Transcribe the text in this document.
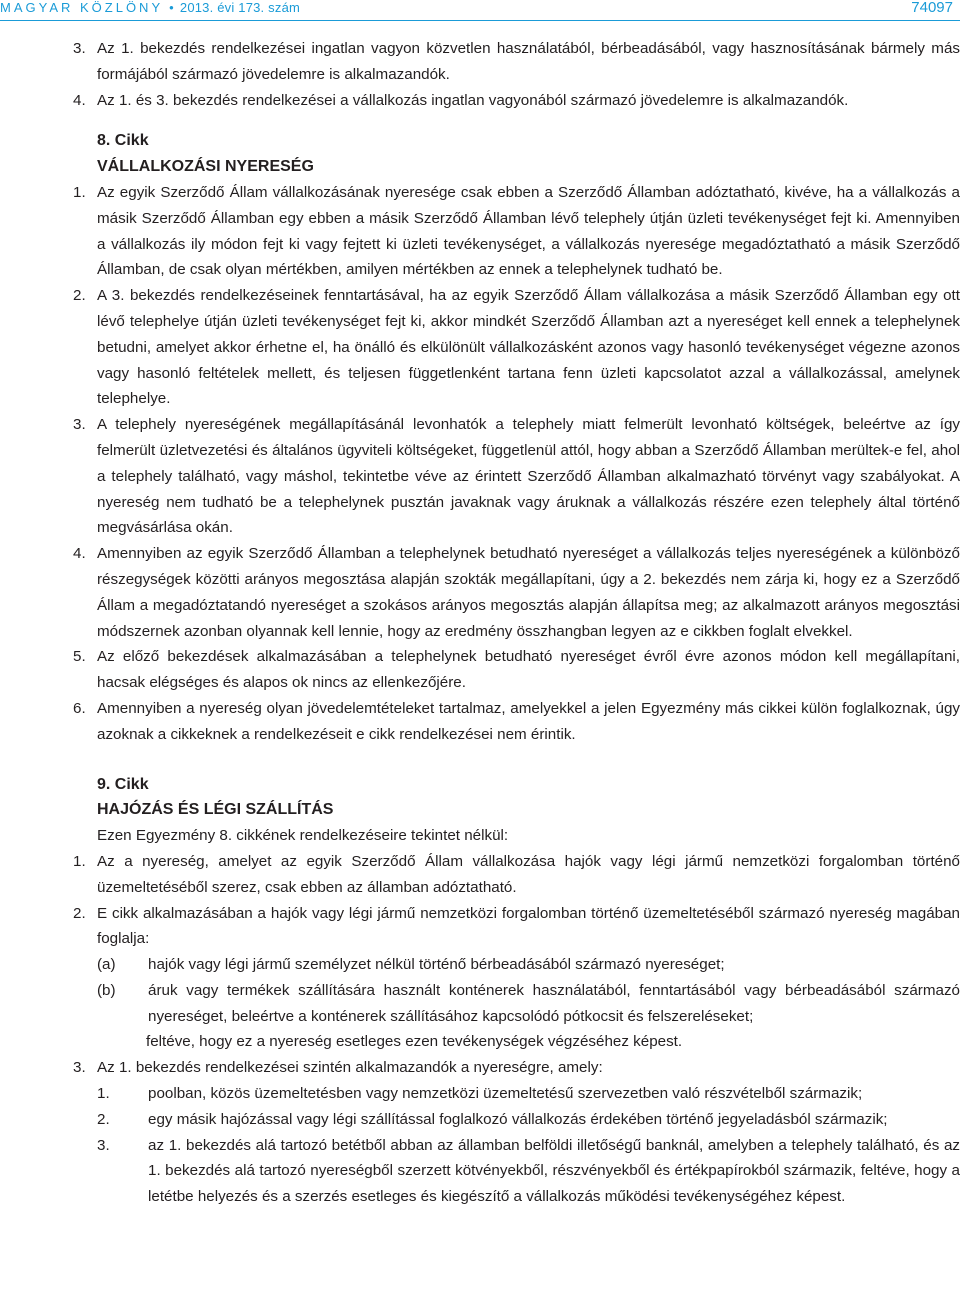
MAGYAR KÖZLÖNY • 2013. évi 173. szám	74097
3. Az 1. bekezdés rendelkezései ingatlan vagyon közvetlen használatából, bérbeadásából, vagy hasznosításának bármely más formájából származó jövedelemre is alkalmazandók.
4. Az 1. és 3. bekezdés rendelkezései a vállalkozás ingatlan vagyonából származó jövedelemre is alkalmazandók.
8. Cikk
VÁLLALKOZÁSI NYERESÉG
1. Az egyik Szerződő Állam vállalkozásának nyeresége csak ebben a Szerződő Államban adóztatható, kivéve, ha a vállalkozás a másik Szerződő Államban egy ebben a másik Szerződő Államban lévő telephely útján üzleti tevékenységet fejt ki. Amennyiben a vállalkozás ily módon fejt ki vagy fejtett ki üzleti tevékenységet, a vállalkozás nyeresége megadóztatható a másik Szerződő Államban, de csak olyan mértékben, amilyen mértékben az ennek a telephelynek tudható be.
2. A 3. bekezdés rendelkezéseinek fenntartásával, ha az egyik Szerződő Állam vállalkozása a másik Szerződő Államban egy ott lévő telephelye útján üzleti tevékenységet fejt ki, akkor mindkét Szerződő Államban azt a nyereséget kell ennek a telephelynek betudni, amelyet akkor érhetne el, ha önálló és elkülönült vállalkozásként azonos vagy hasonló tevékenységet végezne azonos vagy hasonló feltételek mellett, és teljesen függetlenként tartana fenn üzleti kapcsolatot azzal a vállalkozással, amelynek telephelye.
3. A telephely nyereségének megállapításánál levonhatók a telephely miatt felmerült levonható költségek, beleértve az így felmerült üzletvezetési és általános ügyviteli költségeket, függetlenül attól, hogy abban a Szerződő Államban merültek-e fel, ahol a telephely található, vagy máshol, tekintetbe véve az érintett Szerződő Államban alkalmazható törvényt vagy szabályokat. A nyereség nem tudható be a telephelynek pusztán javaknak vagy áruknak a vállalkozás részére ezen telephely által történő megvásárlása okán.
4. Amennyiben az egyik Szerződő Államban a telephelynek betudható nyereséget a vállalkozás teljes nyereségének a különböző részegységek közötti arányos megosztása alapján szokták megállapítani, úgy a 2. bekezdés nem zárja ki, hogy ez a Szerződő Állam a megadóztatandó nyereséget a szokásos arányos megosztás alapján állapítsa meg; az alkalmazott arányos megosztási módszernek azonban olyannak kell lennie, hogy az eredmény összhangban legyen az e cikkben foglalt elvekkel.
5. Az előző bekezdések alkalmazásában a telephelynek betudható nyereséget évről évre azonos módon kell megállapítani, hacsak elégséges és alapos ok nincs az ellenkezőjére.
6. Amennyiben a nyereség olyan jövedelemtételeket tartalmaz, amelyekkel a jelen Egyezmény más cikkei külön foglalkoznak, úgy azoknak a cikkeknek a rendelkezéseit e cikk rendelkezései nem érintik.
9. Cikk
HAJÓZÁS ÉS LÉGI SZÁLLÍTÁS
Ezen Egyezmény 8. cikkének rendelkezéseire tekintet nélkül:
1. Az a nyereség, amelyet az egyik Szerződő Állam vállalkozása hajók vagy légi jármű nemzetközi forgalomban történő üzemeltetéséből szerez, csak ebben az államban adóztatható.
2. E cikk alkalmazásában a hajók vagy légi jármű nemzetközi forgalomban történő üzemeltetéséből származó nyereség magában foglalja:
(a) hajók vagy légi jármű személyzet nélkül történő bérbeadásából származó nyereséget;
(b) áruk vagy termékek szállítására használt konténerek használatából, fenntartásából vagy bérbeadásából származó nyereséget, beleértve a konténerek szállításához kapcsolódó pótkocsit és felszereléseket;
feltéve, hogy ez a nyereség esetleges ezen tevékenységek végzéséhez képest.
3. Az 1. bekezdés rendelkezései szintén alkalmazandók a nyereségre, amely:
1.	poolban, közös üzemeltetésben vagy nemzetközi üzemeltetésű szervezetben való részvételből származik;
2.	egy másik hajózással vagy légi szállítással foglalkozó vállalkozás érdekében történő jegyeladásból származik;
3.	az 1. bekezdés alá tartozó betétből abban az államban belföldi illetőségű banknál, amelyben a telephely található, és az 1. bekezdés alá tartozó nyereségből szerzett kötvényekből, részvényekből és értékpapírokból származik, feltéve, hogy a letétbe helyezés és a szerzés esetleges és kiegészítő a vállalkozás működési tevékenységéhez képest.
